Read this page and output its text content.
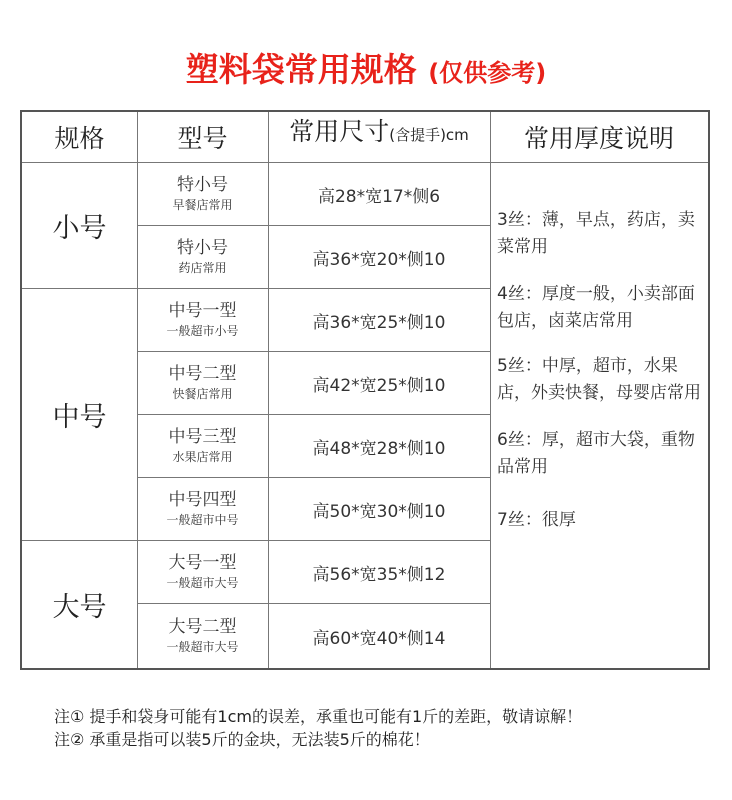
塑料袋常用规格 (仅供参考)
规格	型号 常用尺寸 (含提手)cm 常用厚度说明
小号
中号
大号
特小号
早餐店常用
特小号
药店常用
中号一型
一般超市小号
中号二型
快餐店常用
中号三型
水果店常用
中号四型
一般超市中号
大号一型
一般超市大号
大号二型
一般超市大号
高28*宽17*侧6
高36*宽20*侧10
高36*宽25*侧10
高42*宽25*侧10
高48*宽28*侧10
高50*宽30*侧10
高56*宽35*侧12
高60*宽40*侧14

3丝：薄，早点，药店，卖菜常用

4丝：厚度一般，小卖部面包店，卤菜店常用

5丝：中厚，超市，水果店，外卖快餐，母婴店常用

6丝：厚，超市大袋，重物品常用

7丝：很厚

注① 提手和袋身可能有1cm的误差，承重也可能有1斤的差距，敬请谅解！
注② 承重是指可以装5斤的金块，无法装5斤的棉花！
